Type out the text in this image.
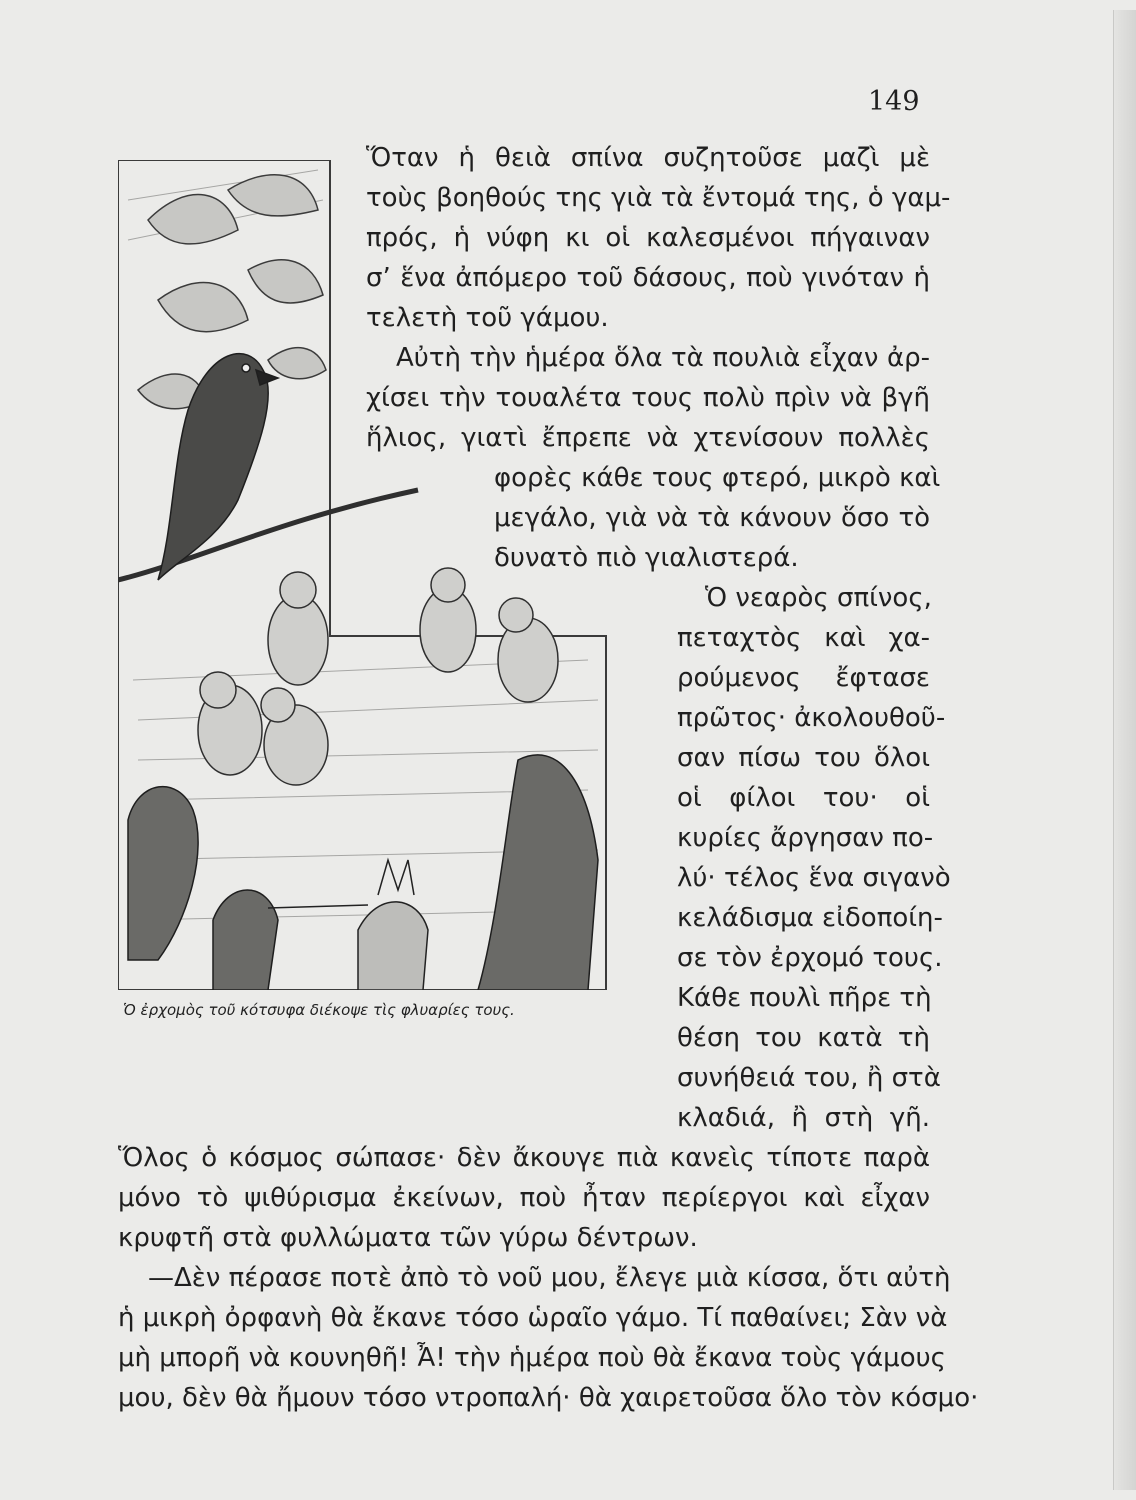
149
Ὁ ἐρχομὸς τοῦ κότσυφα διέκοψε τὶς φλυαρίες τους.
Ὅταν ἡ θειὰ σπίνα συζητοῦσε μαζὶ μὲ
τοὺς βοηθούς της γιὰ τὰ ἔντομά της, ὁ γαμ-
πρός, ἡ νύφη κι οἱ καλεσμένοι πήγαιναν
σ’ ἕνα ἀπόμερο τοῦ δάσους, ποὺ γινόταν ἡ
τελετὴ τοῦ γάμου.
Αὐτὴ τὴν ἡμέρα ὅλα τὰ πουλιὰ εἶχαν ἀρ-
χίσει τὴν τουαλέτα τους πολὺ πρὶν νὰ βγῆ
ἥλιος, γιατὶ ἔπρεπε νὰ χτενίσουν πολλὲς
φορὲς κάθε τους φτερό, μικρὸ καὶ
μεγάλο, γιὰ νὰ τὰ κάνουν ὅσο τὸ
δυνατὸ πιὸ γιαλιστερά.
Ὁ νεαρὸς σπίνος,
πεταχτὸς καὶ χα-
ρούμενος ἔφτασε
πρῶτος· ἀκολουθοῦ-
σαν πίσω του ὅλοι
οἱ φίλοι του· οἱ
κυρίες ἄργησαν πο-
λύ· τέλος ἕνα σιγανὸ
κελάδισμα εἰδοποίη-
σε τὸν ἐρχομό τους.
Κάθε πουλὶ πῆρε τὴ
θέση του κατὰ τὴ
συνήθειά του, ἢ στὰ
κλαδιά, ἢ στὴ γῆ.
Ὅλος ὁ κόσμος σώπασε· δὲν ἄκουγε πιὰ κανεὶς τίποτε παρὰ
μόνο τὸ ψιθύρισμα ἐκείνων, ποὺ ἦταν περίεργοι καὶ εἶχαν
κρυφτῆ στὰ φυλλώματα τῶν γύρω δέντρων.
—Δὲν πέρασε ποτὲ ἀπὸ τὸ νοῦ μου, ἔλεγε μιὰ κίσσα, ὅτι αὐτὴ
ἡ μικρὴ ὀρφανὴ θὰ ἔκανε τόσο ὡραῖο γάμο. Τί παθαίνει; Σὰν νὰ
μὴ μπορῆ νὰ κουνηθῆ! Ἆ! τὴν ἡμέρα ποὺ θὰ ἔκανα τοὺς γάμους
μου, δὲν θὰ ἤμουν τόσο ντροπαλή· θὰ χαιρετοῦσα ὅλο τὸν κόσμο·
